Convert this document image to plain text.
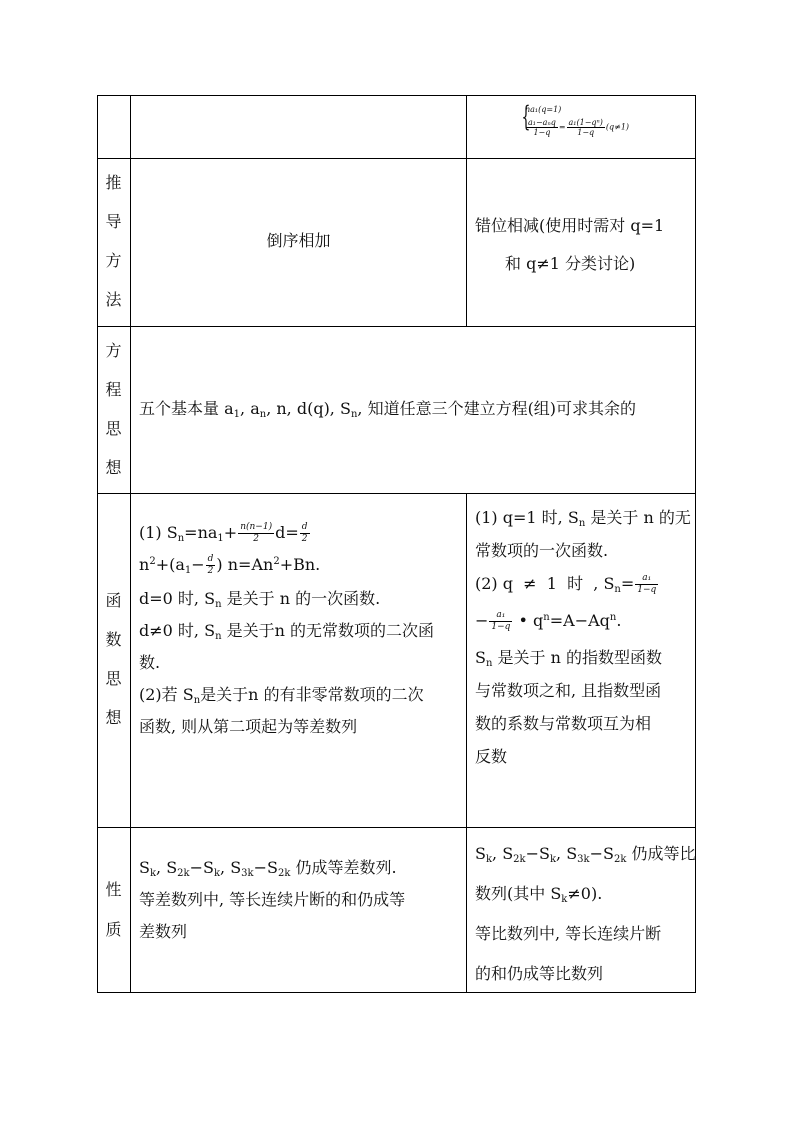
{
na₁(q=1)
$\frac{\text{a₁−aₙq}}{1-q} = \frac{\text{a₁(1−qⁿ)}}{1-q} (q\ne 1)$
推
导
方
法
倒序相加
错位相减(使用时需对 q=1
和 q≠1 分类讨论)
方
程
思
想
五个基本量 $a_1$, $a_n$, n, d(q), $S_n$, 知道任意三个建立方程(组)可求其余的
函
数
思
想
(1) $S_n=na_1+ \frac{n(n-1)}{2} d= \frac{d}{2}$
$n^2+(a_1- \frac{d}{2}$ ) $n=An^2+Bn$.
d=0 时, $S_n$ 是关于 n 的一次函数.
d≠0 时, $S_n$ 是关于n 的无常数项的二次函
数.
(2)若 $S_n$是关于n 的有非零常数项的二次
函数, 则从第二项起为等差数列
(1) q=1 时, $S_n$ 是关于 n 的无
常数项的一次函数.
(2) q  ≠  1  时  , $S_n= \frac{\text{a₁}}{1-q}$
− $\frac{\text{a₁}}{1-q}$ • $q^n=A-Aq^n$.
$S_n$ 是关于 n 的指数型函数
与常数项之和, 且指数型函
数的系数与常数项互为相
反数
性
质
$S_k$, $S_{2k}-S_k$, $S_{3k}-S_{2k}$ 仍成等差数列.
等差数列中, 等长连续片断的和仍成等
差数列
$S_k$, $S_{2k}-S_k$, $S_{3k}-S_{2k}$ 仍成等比
数列(其中 $S_k\ne 0$).
等比数列中, 等长连续片断
的和仍成等比数列
